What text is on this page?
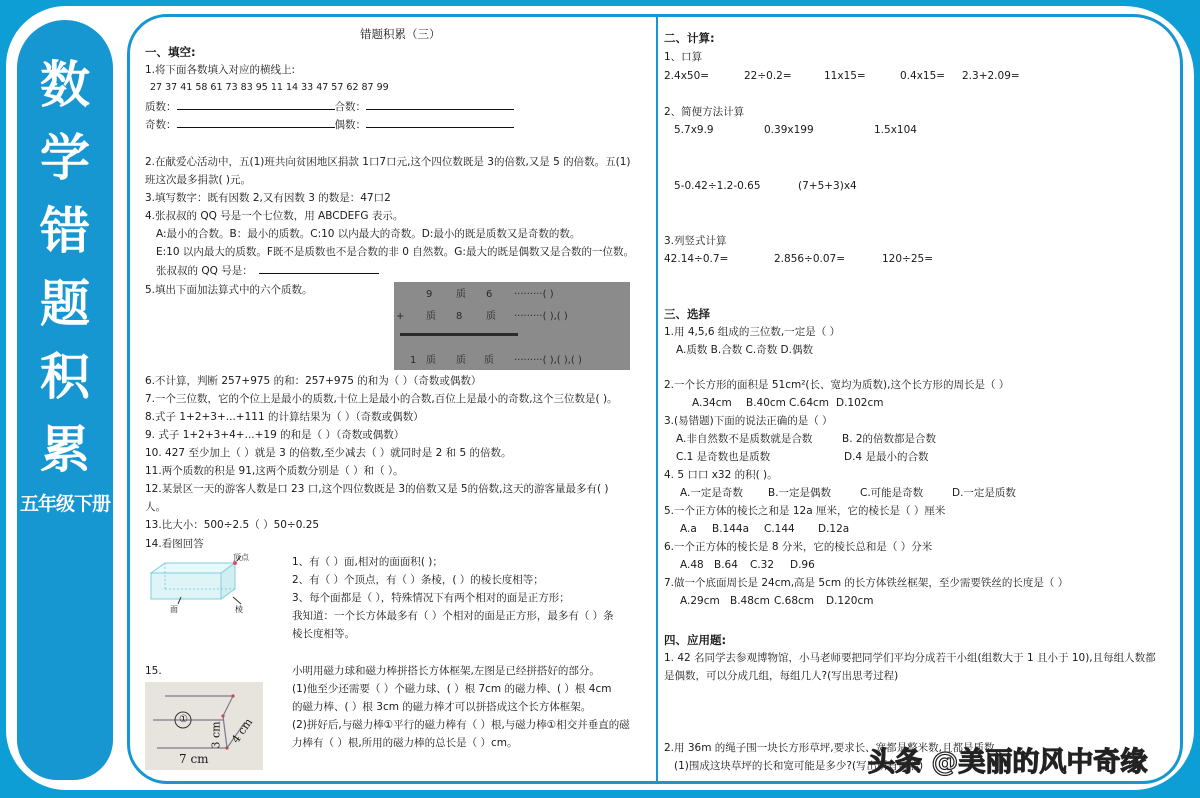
数
学
错
题
积
累
五年级下册
错题积累（三）
一、填空:
1.将下面各数填入对应的横线上:
27 37 41 58 61 73 83 95 11 14 33 47 57 62 87 99
质数：	合数：
奇数：	偶数：
2.在献爱心活动中，五(1)班共向贫困地区捐款 1口7口元,这个四位数既是 3的倍数,又是 5 的倍数。五(1)
班这次最多捐款( )元。
3.填写数字：既有因数 2,又有因数 3 的数是：47口2
4.张叔叔的 QQ 号是一个七位数，用 ABCDEFG 表示。
A:最小的合数。B：最小的质数。C:10 以内最大的奇数。D:最小的既是质数又是奇数的数。
E:10 以内最大的质数。F既不是质数也不是合数的非 0 自然数。G:最大的既是偶数又是合数的一位数。
张叔叔的 QQ 号是：
5.填出下面加法算式中的六个质数。	9 质 6 ·········( )
+ 质 8 质 ·········( ),( )
1 质 质 质 ·········( ),( ),( )
6.不计算，判断 257+975 的和：257+975 的和为（ ）（奇数或偶数）
7.一个三位数，它的个位上是最小的质数,十位上是最小的合数,百位上是最小的奇数,这个三位数是( )。
8.式子 1+2+3+...+111 的计算结果为（ ）（奇数或偶数）
9. 式子 1+2+3+4+...+19 的和是（ ）（奇数或偶数）
10. 427 至少加上（ ）就是 3 的倍数,至少减去（ ）就同时是 2 和 5 的倍数。
11.两个质数的积是 91,这两个质数分别是（ ）和（ ）。
12.某景区一天的游客人数是口 23 口,这个四位数既是 3的倍数又是 5的倍数,这天的游客量最多有( )
人。
13.比大小：500÷2.5（ ）50÷0.25
14.看图回答
顶点
面	棱
1、有（ ）面,相对的面面积( )；
2、有（ ）个顶点，有（ ）条棱，( ）的棱长度相等；
3、每个面都是（ ），特殊情况下有两个相对的面是正方形；
我知道：一个长方体最多有（ ）个相对的面是正方形，最多有（ ）条
棱长度相等。
15.
①
3 cm 4 cm
7 cm
小明用磁力球和磁力棒拼搭长方体框架,左图是已经拼搭好的部分。
(1)他至少还需要（ ）个磁力球、( ）根 7cm 的磁力棒、( ）根 4cm
的磁力棒、( ）根 3cm 的磁力棒才可以拼搭成这个长方体框架。
(2)拼好后,与磁力棒①平行的磁力棒有（ ）根,与磁力棒①相交并垂直的磁
力棒有（ ）根,所用的磁力棒的总长是（ ）cm。
二、计算:
1、口算
2.4x50=	22÷0.2=	11x15=	0.4x15= 2.3+2.09=
2、简便方法计算
5.7x9.9	0.39x199	1.5x104
5-0.42÷1.2-0.65	(7+5+3)x4
3.列竖式计算
42.14÷0.7=	2.856÷0.07=	120÷25=
三、选择
1.用 4,5,6 组成的三位数,一定是（ ）
A.质数 B.合数 C.奇数 D.偶数
2.一个长方形的面积是 51cm²(长、宽均为质数),这个长方形的周长是（ ）
A.34cm B.40cm C.64cm D.102cm
3.(易错题)下面的说法正确的是（ ）
A.非自然数不是质数就是合数	B. 2的倍数都是合数
C.1 是奇数也是质数	D.4 是最小的合数
4. 5 口口 x32 的积( )。
A.一定是奇数 B.一定是偶数	C.可能是奇数	D.一定是质数
5.一个正方体的棱长之和是 12a 厘米，它的棱长是（ ）厘米
A.a B.144a C.144 D.12a
6.一个正方体的棱长是 8 分米，它的棱长总和是（ ）分米
A.48 B.64 C.32 D.96
7.做一个底面周长是 24cm,高是 5cm 的长方体铁丝框架，至少需要铁丝的长度是（ ）
A.29cm B.48cm C.68cm D.120cm
四、应用题:
1. 42 名同学去参观博物馆，小马老师要把同学们平均分成若干小组(组数大于 1 且小于 10),且每组人数都
是偶数，可以分成几组，每组几人?(写出思考过程)
2.用 36m 的绳子围一块长方形草坪,要求长、宽都是整米数,且都是质数。
(1)围成这块草坪的长和宽可能是多少?(写出所有可能)
头条 @美丽的风中奇缘
